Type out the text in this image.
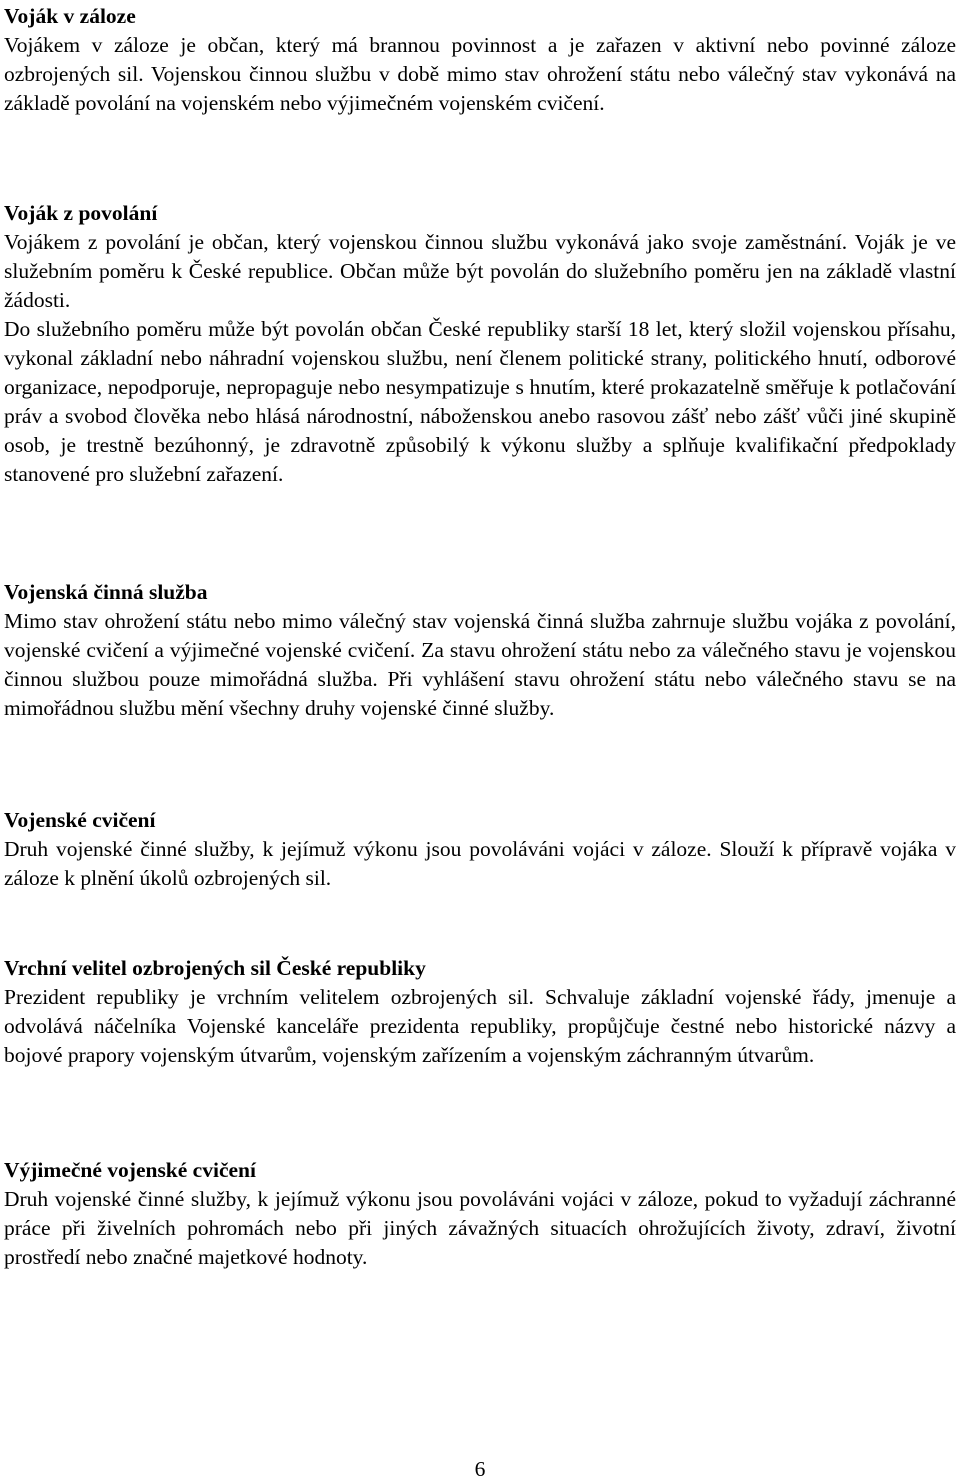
Voják v záloze

Vojákem v záloze je občan, který má brannou povinnost a je zařazen v aktivní nebo povinné záloze ozbrojených sil. Vojenskou činnou službu v době mimo stav ohrožení státu nebo válečný stav vykonává na základě povolání na vojenském nebo výjimečném vojenském cvičení.

Voják z povolání

Vojákem z povolání je občan, který vojenskou činnou službu vykonává jako svoje zaměstnání. Voják je ve služebním poměru k České republice. Občan může být povolán do služebního poměru jen na základě vlastní žádosti.

Do služebního poměru může být povolán občan České republiky starší 18 let, který složil vojenskou přísahu, vykonal základní nebo náhradní vojenskou službu, není členem politické strany, politického hnutí, odborové organizace, nepodporuje, nepropaguje nebo nesympatizuje s hnutím, které prokazatelně směřuje k potlačování práv a svobod člověka nebo hlásá národnostní, náboženskou anebo rasovou zášť nebo zášť vůči jiné skupině osob, je trestně bezúhonný, je zdravotně způsobilý k výkonu služby a splňuje kvalifikační předpoklady stanovené pro služební zařazení.

Vojenská činná služba

Mimo stav ohrožení státu nebo mimo válečný stav vojenská činná služba zahrnuje službu vojáka z povolání, vojenské cvičení a výjimečné vojenské cvičení. Za stavu ohrožení státu nebo za válečného stavu je vojenskou činnou službou pouze mimořádná služba. Při vyhlášení stavu ohrožení státu nebo válečného stavu se na mimořádnou službu mění všechny druhy vojenské činné služby.

Vojenské cvičení

Druh vojenské činné služby, k jejímuž výkonu jsou povoláváni vojáci v záloze. Slouží k přípravě vojáka v záloze k plnění úkolů ozbrojených sil.

Vrchní velitel ozbrojených sil České republiky

Prezident republiky je vrchním velitelem ozbrojených sil. Schvaluje základní vojenské řády, jmenuje a odvolává náčelníka Vojenské kanceláře prezidenta republiky, propůjčuje čestné nebo historické názvy a bojové prapory vojenským útvarům, vojenským zařízením a vojenským záchranným útvarům.

Výjimečné vojenské cvičení

Druh vojenské činné služby, k jejímuž výkonu jsou povoláváni vojáci v záloze, pokud to vyžadují záchranné práce při živelních pohromách nebo při jiných závažných situacích ohrožujících životy, zdraví, životní prostředí nebo značné majetkové hodnoty.

6
